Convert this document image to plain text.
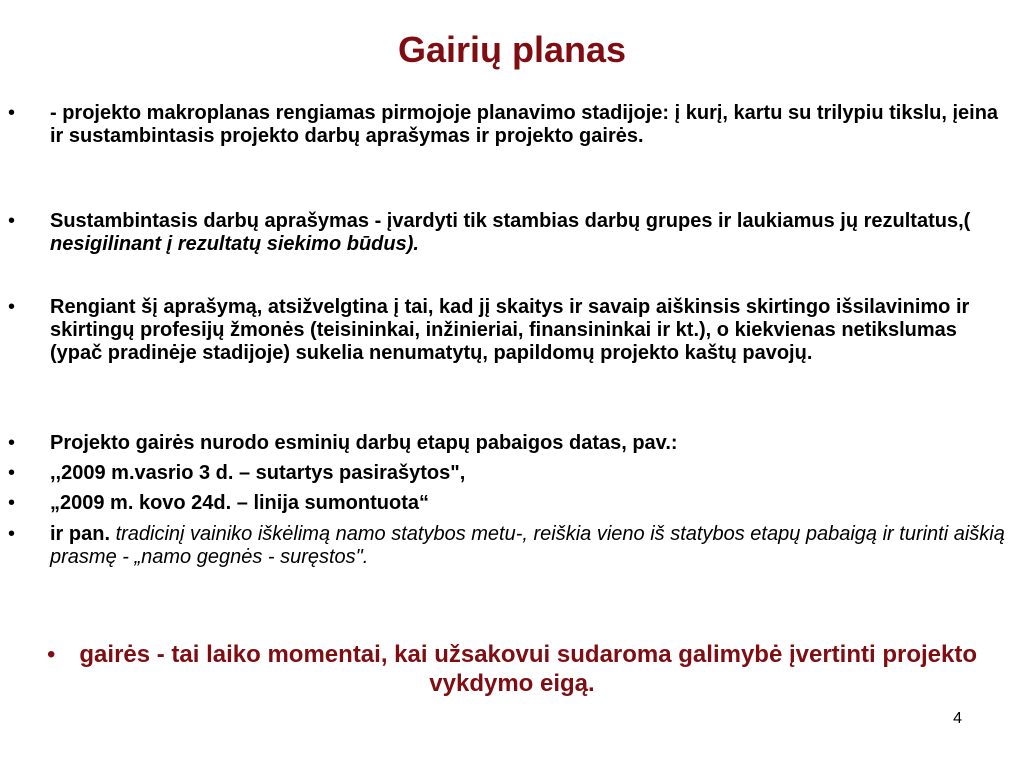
Gairių planas
•	- projekto makroplanas rengiamas pirmojoje planavimo stadijoje: į kurį, kartu su trilypiu tikslu, įeina ir sustambintasis projekto darbų aprašymas ir projekto gairės.
•	Sustambintasis darbų aprašymas - įvardyti tik stambias darbų grupes ir laukiamus jų rezultatus,( nesigilinant į rezultatų siekimo būdus).
•	Rengiant šį aprašymą, atsižvelgtina į tai, kad jį skaitys ir savaip aiškinsis skirtingo išsilavinimo ir skirtingų profesijų žmonės (teisininkai, inžinieriai, finansininkai ir kt.), o kiekvienas netikslumas (ypač pradinėje stadijoje) sukelia nenumatytų, papildomų projekto kaštų pavojų.
•	Projekto gairės nurodo esminių darbų etapų pabaigos datas, pav.:
•	,,2009 m.vasrio 3 d. – sutartys pasirašytos",
•	„2009 m. kovo 24d. – linija sumontuota“
•	ir pan. tradicinį vainiko iškėlimą namo statybos metu-, reiškia vieno iš statybos etapų pabaigą ir turinti aiškią prasmę - „namo gegnės - suręstos".
• gairės - tai laiko momentai, kai užsakovui sudaroma galimybė įvertinti projekto vykdymo eigą.
4
